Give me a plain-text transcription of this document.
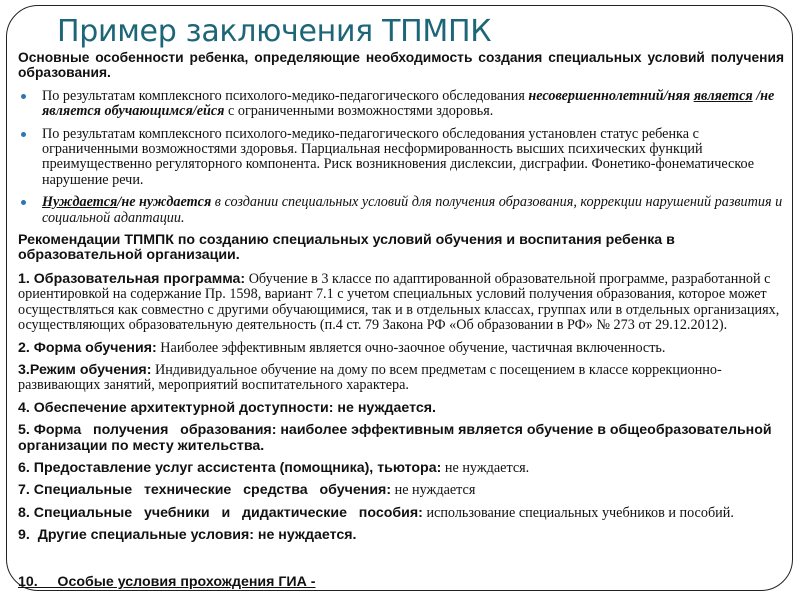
Пример заключения ТПМПК

Основные особенности ребенка, определяющие необходимость создания специальных условий получения образования.

По результатам комплексного психолого-медико-педагогического обследования несовершеннолетний/няя является /не является обучающимся/ейся с ограниченными возможностями здоровья.
По результатам комплексного психолого-медико-педагогического обследования установлен статус ребенка с ограниченными возможностями здоровья. Парциальная несформированность высших психических функций преимущественно регуляторного компонента. Риск возникновения дислексии, дисграфии. Фонетико-фонематическое нарушение речи.
Нуждается/не нуждается в создании специальных условий для получения образования, коррекции нарушений развития и социальной адаптации.

Рекомендации ТПМПК по созданию специальных условий обучения и воспитания ребенка в образовательной организации.

1. Образовательная программа: Обучение в 3 классе по адаптированной образовательной программе, разработанной с ориентировкой на содержание Пр. 1598, вариант 7.1 с учетом специальных условий получения образования, которое может осуществляться как совместно с другими обучающимися, так и в отдельных классах, группах или в отдельных организациях, осуществляющих образовательную деятельность (п.4 ст. 79 Закона РФ «Об образовании в РФ» № 273 от 29.12.2012).
2. Форма обучения: Наиболее эффективным является очно-заочное обучение, частичная включенность.
3.Режим обучения: Индивидуальное обучение на дому по всем предметам с посещением в классе коррекционно-развивающих занятий, мероприятий воспитательного характера.
4. Обеспечение архитектурной доступности: не нуждается.
5. Форма   получения   образования: наиболее эффективным является обучение в общеобразовательной организации по месту жительства.
6. Предоставление услуг ассистента (помощника), тьютора: не нуждается.
7. Специальные   технические   средства   обучения: не нуждается
8. Специальные   учебники   и   дидактические   пособия: использование специальных учебников и пособий.
9.  Другие специальные условия: не нуждается.
10.     Особые условия прохождения ГИА -
